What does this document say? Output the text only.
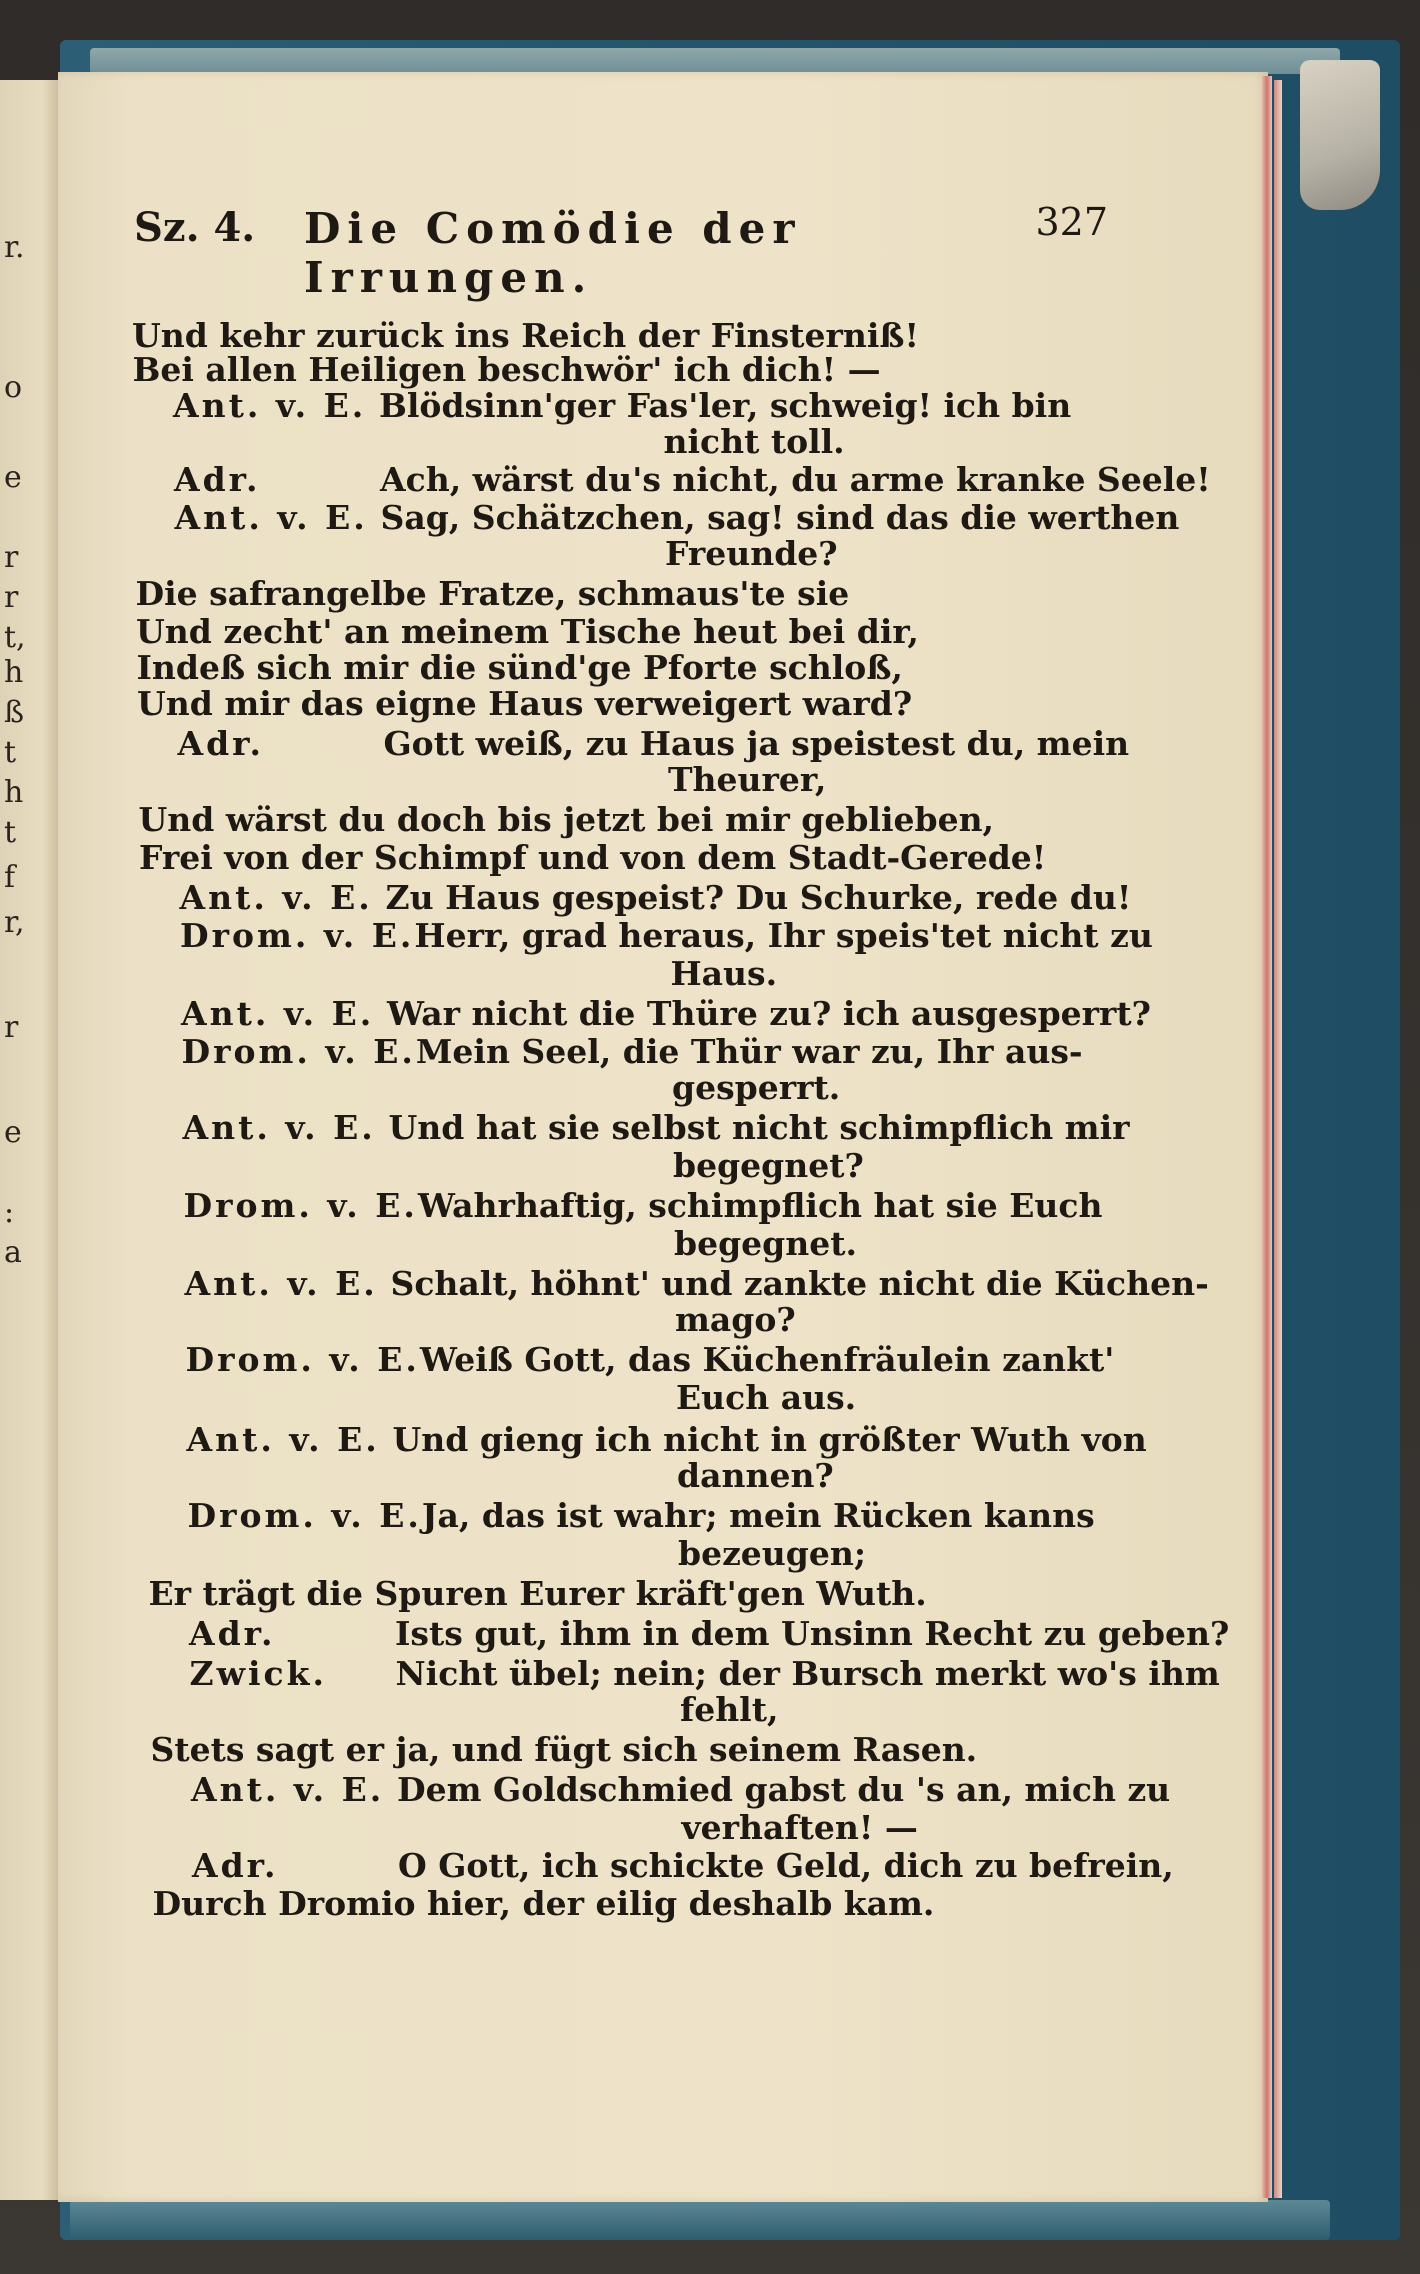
r.
o
e
r
r
t,
h
ß
t
h
t
f
r,
r
e
:
a
Sz. 4. Die Comödie der Irrungen.
327
Und kehr zurück ins Reich der Finsterniß!
Bei allen Heiligen beschwör' ich dich! —
Ant. v. E. Blödsinn'ger Fas'ler, schweig! ich bin
nicht toll.
Adr.	Ach, wärst du's nicht, du arme kranke Seele!
Ant. v. E. Sag, Schätzchen, sag! sind das die werthen
Freunde?
Die safrangelbe Fratze, schmaus'te sie
Und zecht' an meinem Tische heut bei dir,
Indeß sich mir die sünd'ge Pforte schloß,
Und mir das eigne Haus verweigert ward?
Adr.	Gott weiß, zu Haus ja speistest du, mein
Theurer,
Und wärst du doch bis jetzt bei mir geblieben,
Frei von der Schimpf und von dem Stadt-Gerede!
Ant. v. E. Zu Haus gespeist? Du Schurke, rede du!
Drom. v. E.Herr, grad heraus, Ihr speis'tet nicht zu
Haus.
Ant. v. E. War nicht die Thüre zu? ich ausgesperrt?
Drom. v. E.Mein Seel, die Thür war zu, Ihr aus-
gesperrt.
Ant. v. E. Und hat sie selbst nicht schimpflich mir
begegnet?
Drom. v. E.Wahrhaftig, schimpflich hat sie Euch
begegnet.
Ant. v. E. Schalt, höhnt' und zankte nicht die Küchen-
mago?
Drom. v. E.Weiß Gott, das Küchenfräulein zankt'
Euch aus.
Ant. v. E. Und gieng ich nicht in größter Wuth von
dannen?
Drom. v. E.Ja, das ist wahr; mein Rücken kanns
bezeugen;
Er trägt die Spuren Eurer kräft'gen Wuth.
Adr.	Ists gut, ihm in dem Unsinn Recht zu geben?
Zwick. Nicht übel; nein; der Bursch merkt wo's ihm
fehlt,
Stets sagt er ja, und fügt sich seinem Rasen.
Ant. v. E. Dem Goldschmied gabst du 's an, mich zu
verhaften! —
Adr.	O Gott, ich schickte Geld, dich zu befrein,
Durch Dromio hier, der eilig deshalb kam.
